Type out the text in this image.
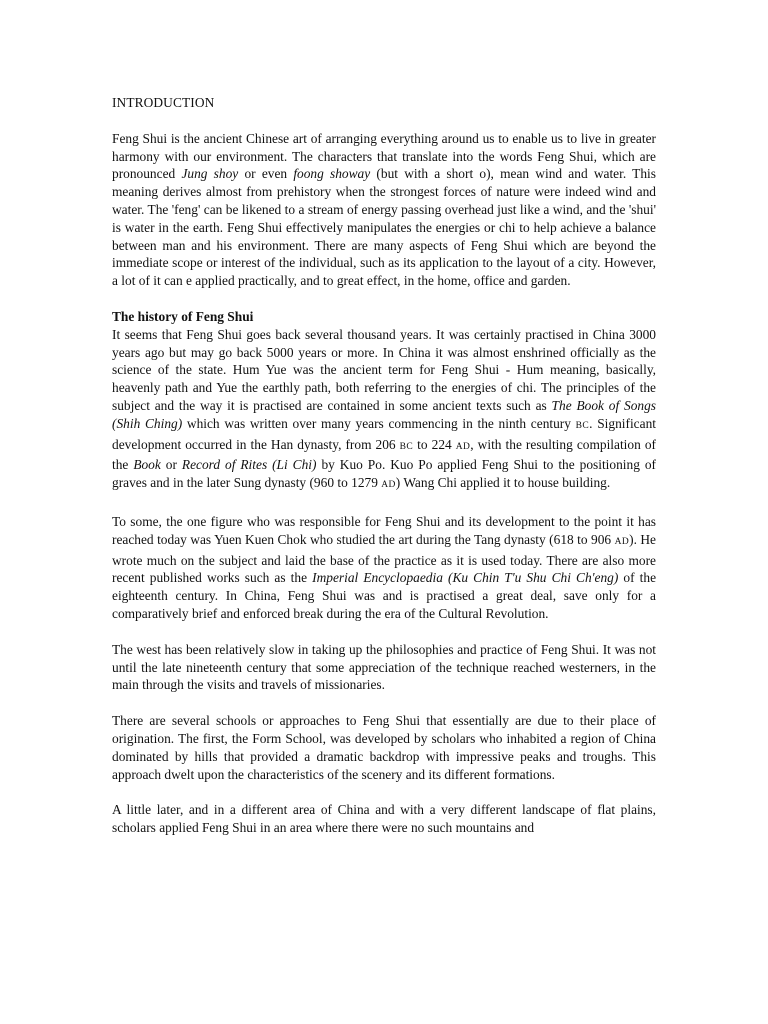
INTRODUCTION

Feng Shui is the ancient Chinese art of arranging everything around us to enable us to live in greater harmony with our environment. The characters that translate into the words Feng Shui, which are pronounced Jung shoy or even foong showay (but with a short o), mean wind and water. This meaning derives almost from prehistory when the strongest forces of nature were indeed wind and water. The 'feng' can be likened to a stream of energy passing overhead just like a wind, and the 'shui' is water in the earth. Feng Shui effectively manipulates the energies or chi to help achieve a balance between man and his environment. There are many aspects of Feng Shui which are beyond the immediate scope or interest of the individual, such as its application to the layout of a city. However, a lot of it can e applied practically, and to great effect, in the home, office and garden.

The history of Feng Shui

It seems that Feng Shui goes back several thousand years. It was certainly practised in China 3000 years ago but may go back 5000 years or more. In China it was almost enshrined officially as the science of the state. Hum Yue was the ancient term for Feng Shui - Hum meaning, basically, heavenly path and Yue the earthly path, both referring to the energies of chi. The principles of the subject and the way it is practised are contained in some ancient texts such as The Book of Songs (Shih Ching) which was written over many years commencing in the ninth century BC. Significant development occurred in the Han dynasty, from 206 BC to 224 AD, with the resulting compilation of the Book or Record of Rites (Li Chi) by Kuo Po. Kuo Po applied Feng Shui to the positioning of graves and in the later Sung dynasty (960 to 1279 AD) Wang Chi applied it to house building.

To some, the one figure who was responsible for Feng Shui and its development to the point it has reached today was Yuen Kuen Chok who studied the art during the Tang dynasty (618 to 906 AD). He wrote much on the subject and laid the base of the practice as it is used today. There are also more recent published works such as the Imperial Encyclopaedia (Ku Chin T'u Shu Chi Ch'eng) of the eighteenth century. In China, Feng Shui was and is practised a great deal, save only for a comparatively brief and enforced break during the era of the Cultural Revolution.

The west has been relatively slow in taking up the philosophies and practice of Feng Shui. It was not until the late nineteenth century that some appreciation of the technique reached westerners, in the main through the visits and travels of missionaries.

There are several schools or approaches to Feng Shui that essentially are due to their place of origination. The first, the Form School, was developed by scholars who inhabited a region of China dominated by hills that provided a dramatic backdrop with impressive peaks and troughs. This approach dwelt upon the characteristics of the scenery and its different formations.

A little later, and in a different area of China and with a very different landscape of flat plains, scholars applied Feng Shui in an area where there were no such mountains and
